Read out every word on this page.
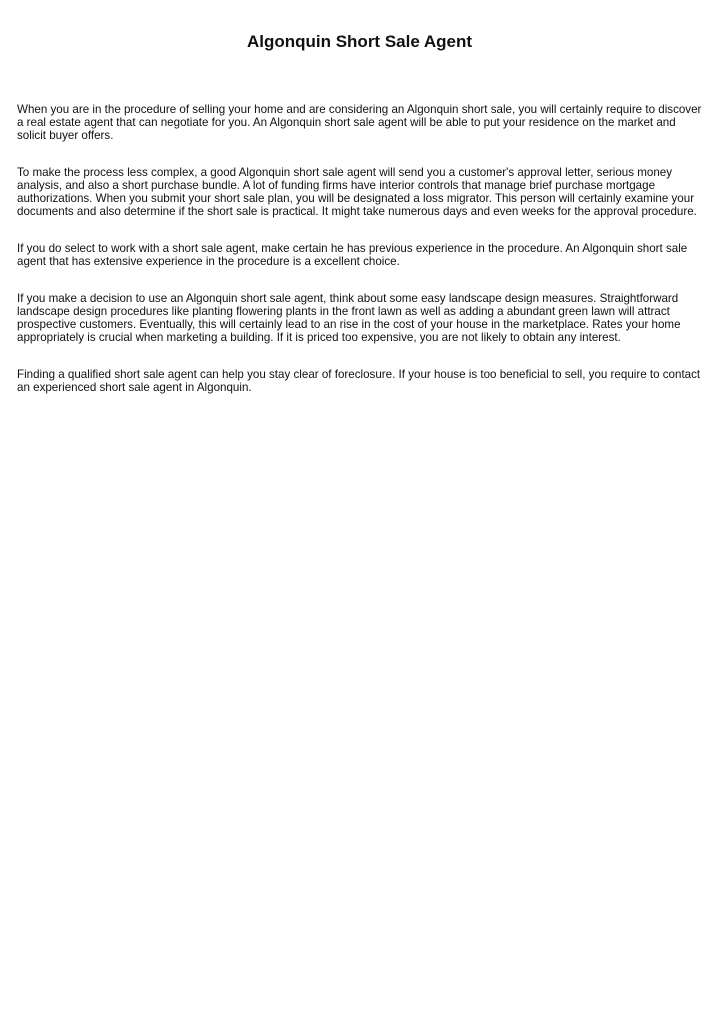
Algonquin Short Sale Agent

When you are in the procedure of selling your home and are considering an Algonquin short sale, you will certainly require to discover a real estate agent that can negotiate for you. An Algonquin short sale agent will be able to put your residence on the market and solicit buyer offers.

To make the process less complex, a good Algonquin short sale agent will send you a customer's approval letter, serious money analysis, and also a short purchase bundle. A lot of funding firms have interior controls that manage brief purchase mortgage authorizations. When you submit your short sale plan, you will be designated a loss migrator. This person will certainly examine your documents and also determine if the short sale is practical. It might take numerous days and even weeks for the approval procedure.

If you do select to work with a short sale agent, make certain he has previous experience in the procedure. An Algonquin short sale agent that has extensive experience in the procedure is a excellent choice.

If you make a decision to use an Algonquin short sale agent, think about some easy landscape design measures. Straightforward landscape design procedures like planting flowering plants in the front lawn as well as adding a abundant green lawn will attract prospective customers. Eventually, this will certainly lead to an rise in the cost of your house in the marketplace. Rates your home appropriately is crucial when marketing a building. If it is priced too expensive, you are not likely to obtain any interest.

Finding a qualified short sale agent can help you stay clear of foreclosure. If your house is too beneficial to sell, you require to contact an experienced short sale agent in Algonquin.
